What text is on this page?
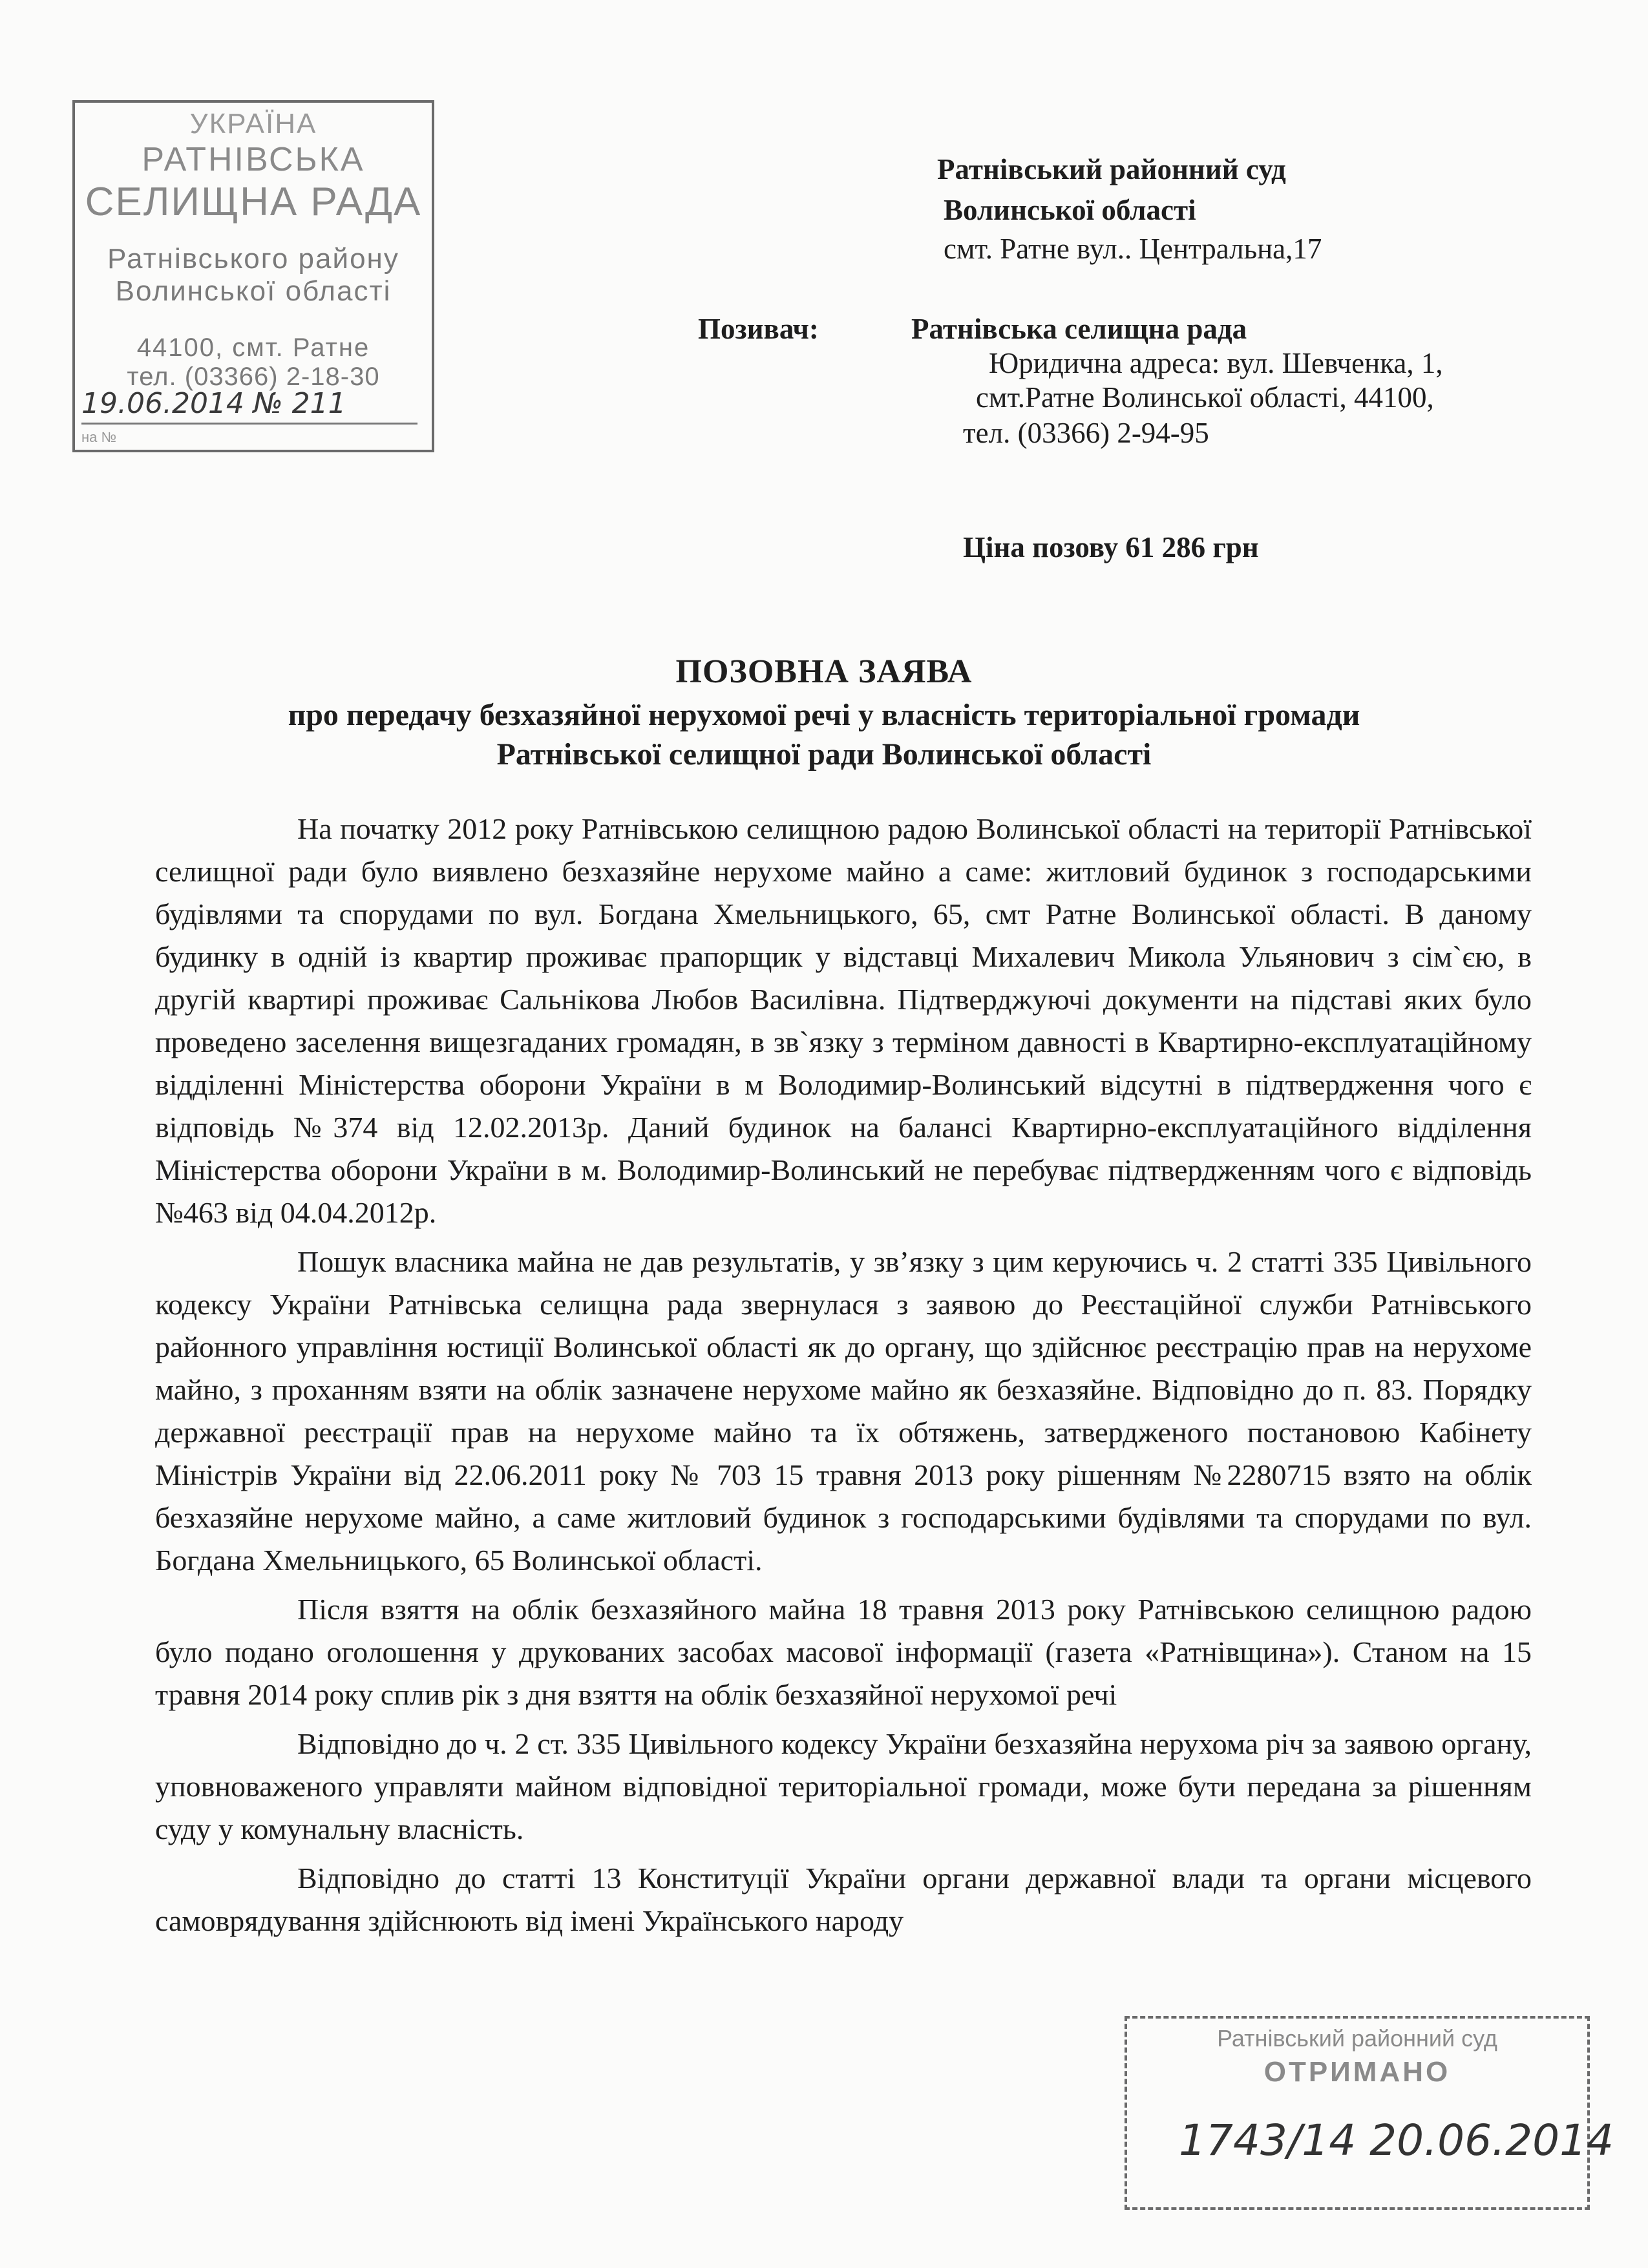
УКРАЇНА
РАТНІВСЬКА
СЕЛИЩНА РАДА
Ратнівського району
Волинської області
44100, смт. Ратне
тел. (03366) 2-18-30
19.06.2014 № 211
на №
Ратнівський районний суд
Волинської області
смт. Ратне вул.. Центральна,17
Позивач:	Ратнівська селищна рада
Юридична адреса: вул. Шевченка, 1,
смт.Ратне Волинської області, 44100,
тел. (03366) 2-94-95
Ціна позову 61 286 грн
ПОЗОВНА ЗАЯВА
про передачу безхазяйної нерухомої речі у власність територіальної громади
Ратнівської селищної ради Волинської області

На початку 2012 року Ратнівською селищною радою Волинської області на території Ратнівської селищної ради було виявлено безхазяйне нерухоме майно а саме: житловий будинок з господарськими будівлями та спорудами по вул. Богдана Хмельницького, 65, смт Ратне Волинської області. В даному будинку в одній із квартир проживає прапорщик у відставці Михалевич Микола Ульянович з сім`єю, в другій квартирі проживає Сальнікова Любов Василівна. Підтверджуючі документи на підставі яких було проведено заселення вищезгаданих громадян, в зв`язку з терміном давності в Квартирно-експлуатаційному відділенні Міністерства оборони України в м Володимир-Волинський відсутні в підтвердження чого є відповідь №374 від 12.02.2013р. Даний будинок на балансі Квартирно-експлуатаційного відділення Міністерства оборони України в м. Володимир-Волинський не перебуває підтвердженням чого є відповідь №463 від 04.04.2012р.

Пошук власника майна не дав результатів, у зв’язку з цим керуючись ч. 2 статті 335 Цивільного кодексу України Ратнівська селищна рада звернулася з заявою до Реєстаційної служби Ратнівського районного управління юстиції Волинської області як до органу, що здійснює реєстрацію прав на нерухоме майно, з проханням взяти на облік зазначене нерухоме майно як безхазяйне. Відповідно до п. 83. Порядку державної реєстрації прав на нерухоме майно та їх обтяжень, затвердженого постановою Кабінету Міністрів України від 22.06.2011 року № 703 15 травня 2013 року рішенням №2280715 взято на облік безхазяйне нерухоме майно, а саме житловий будинок з господарськими будівлями та спорудами по вул. Богдана Хмельницького, 65 Волинської області.

Після взяття на облік безхазяйного майна 18 травня 2013 року Ратнівською селищною радою було подано оголошення у друкованих засобах масової інформації (газета «Ратнівщина»). Станом на 15 травня 2014 року сплив рік з дня взяття на облік безхазяйної нерухомої речі

Відповідно до ч. 2 ст. 335 Цивільного кодексу України безхазяйна нерухома річ за заявою органу, уповноваженого управляти майном відповідної територіальної громади, може бути передана за рішенням суду у комунальну власність.

Відповідно до статті 13 Конституції України органи державної влади та органи місцевого самоврядування здійснюють від імені Українського народу

Ратнівський районний суд
ОТРИМАНО
1743/14 20.06.2014
